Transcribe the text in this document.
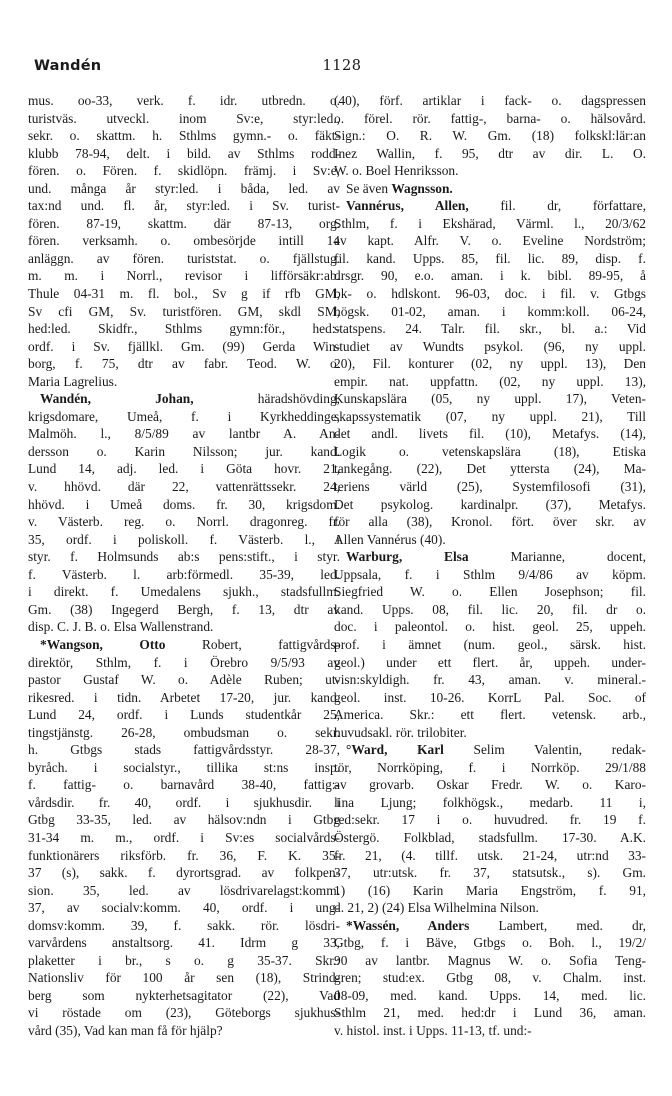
Wandén	1128
mus. oo-33, verk. f. idr. utbredn. o.
turistväs. utveckl. inom Sv:e, styr:led.,
sekr. o. skattm. h. Sthlms gymn.- o. fäkt-
klubb 78-94, delt. i bild. av Sthlms rodd-
fören. o. Fören. f. skidlöpn. främj. i Sv:e,
und. många år styr:led. i båda, led. av
tax:nd und. fl. år, styr:led. i Sv. turist-
fören. 87-19, skattm. där 87-13, org.
fören. verksamh. o. ombesörjde intill 14
anläggn. av fören. turiststat. o. fjällstug.
m. m. i Norrl., revisor i lifförsäkr:ab.
Thule 04-31 m. fl. bol., Sv g if rfb GM,
Sv cfi GM, Sv. turistfören. GM, skdl SM,
hed:led. Skidfr., Sthlms gymn:för., hed:-
ordf. i Sv. fjällkl. Gm. (99) Gerda Win-
borg, f. 75, dtr av fabr. Teod. W. o.
Maria Lagrelius.
Wandén, Johan, häradshövding,
krigsdomare, Umeå, f. i Kyrkheddinge,
Malmöh. l., 8/5/89 av lantbr A. An-
dersson o. Karin Nilsson; jur. kand.
Lund 14, adj. led. i Göta hovr. 21,
v. hhövd. där 22, vattenrättssekr. 24,
hhövd. i Umeå doms. fr. 30, krigsdom.
v. Västerb. reg. o. Norrl. dragonreg. fr.
35, ordf. i poliskoll. f. Västerb. l., i
styr. f. Holmsunds ab:s pens:stift., i styr.
f. Västerb. l. arb:förmedl. 35-39, led.
i direkt. f. Umedalens sjukh., stadsfullm.
Gm. (38) Ingegerd Bergh, f. 13, dtr av
disp. C. J. B. o. Elsa Wallenstrand.
*Wangson, Otto Robert, fattigvårds-
direktör, Sthlm, f. i Örebro 9/5/93 av
pastor Gustaf W. o. Adèle Ruben; ut-
rikesred. i tidn. Arbetet 17-20, jur. kand.
Lund 24, ordf. i Lunds studentkår 25,
tingstjänstg. 26-28, ombudsman o. sekr.
h. Gtbgs stads fattigvårdsstyr. 28-37,
byråch. i socialstyr., tillika st:ns insp.
f. fattig- o. barnavård 38-40, fattig:-
vårdsdir. fr. 40, ordf. i sjukhusdir. i
Gtbg 33-35, led. av hälsov:ndn i Gtbg
31-34 m. m., ordf. i Sv:es socialvårds-
funktionärers riksförb. fr. 36, F. K. 35-
37 (s), sakk. f. dyrortsgrad. av folkpen-
sion. 35, led. av lösdrivarelagst:komm.
37, av socialv:komm. 40, ordf. i ung-
domsv:komm. 39, f. sakk. rör. lösdri-
varvårdens anstaltsorg. 41. Idrm g 33,
plaketter i br., s o. g 35-37. Skr.:
Nationsliv för 100 år sen (18), Strind-
berg som nykterhetsagitator (22), Vad
vi röstade om (23), Göteborgs sjukhus-
vård (35), Vad kan man få för hjälp?
(40), förf. artiklar i fack- o. dagspressen
o. förel. rör. fattig-, barna- o. hälsovård.
Sign.: O. R. W. Gm. (18) folkskl:lär:an
Inez Wallin, f. 95, dtr av dir. L. O.
W. o. Boel Henriksson.
Se även Wagnsson.
Vannérus, Allen, fil. dr, författare,
Sthlm, f. i Ekshärad, Värml. l., 20/3/62
av kapt. Alfr. V. o. Eveline Nordström;
fil. kand. Upps. 85, fil. lic. 89, disp. f.
drsgr. 90, e.o. aman. i k. bibl. 89-95, å
bk- o. hdlskont. 96-03, doc. i fil. v. Gtbgs
högsk. 01-02, aman. i komm:koll. 06-24,
statspens. 24. Talr. fil. skr., bl. a.: Vid
studiet av Wundts psykol. (96, ny uppl.
20), Fil. konturer (02, ny uppl. 13), Den
empir. nat. uppfattn. (02, ny uppl. 13),
Kunskapslära (05, ny uppl. 17), Veten-
skapssystematik (07, ny uppl. 21), Till
det andl. livets fil. (10), Metafys. (14),
Logik o. vetenskapslära (18), Etiska
tankegång. (22), Det yttersta (24), Ma-
teriens värld (25), Systemfilosofi (31),
Det psykolog. kardinalpr. (37), Metafys.
för alla (38), Kronol. fört. över skr. av
Allen Vannérus (40).
Warburg, Elsa Marianne, docent,
Uppsala, f. i Sthlm 9/4/86 av köpm.
Siegfried W. o. Ellen Josephson; fil.
kand. Upps. 08, fil. lic. 20, fil. dr o.
doc. i paleontol. o. hist. geol. 25, uppeh.
prof. i ämnet (num. geol., särsk. hist.
geol.) under ett flert. år, uppeh. under-
visn:skyldigh. fr. 43, aman. v. mineral.-
geol. inst. 10-26. KorrL Pal. Soc. of
America. Skr.: ett flert. vetensk. arb.,
huvudsakl. rör. trilobiter.
°Ward, Karl Selim Valentin, redak-
tör, Norrköping, f. i Norrköp. 29/1/88
av grovarb. Oskar Fredr. W. o. Karo-
lina Ljung; folkhögsk., medarb. 11 i,
red:sekr. 17 i o. huvudred. fr. 19 f.
Östergö. Folkblad, stadsfullm. 17-30. A.K.
fr. 21, (4. tillf. utsk. 21-24, utr:nd 33-
37, utr:utsk. fr. 37, statsutsk., s). Gm.
1) (16) Karin Maria Engström, f. 91,
d. 21, 2) (24) Elsa Wilhelmina Nilson.
*Wassén, Anders Lambert, med. dr,
Gtbg, f. i Bäve, Gtbgs o. Boh. l., 19/2/
90 av lantbr. Magnus W. o. Sofia Teng-
gren; stud:ex. Gtbg 08, v. Chalm. inst.
08-09, med. kand. Upps. 14, med. lic.
Sthlm 21, med. hed:dr i Lund 36, aman.
v. histol. inst. i Upps. 11-13, tf. und:-
